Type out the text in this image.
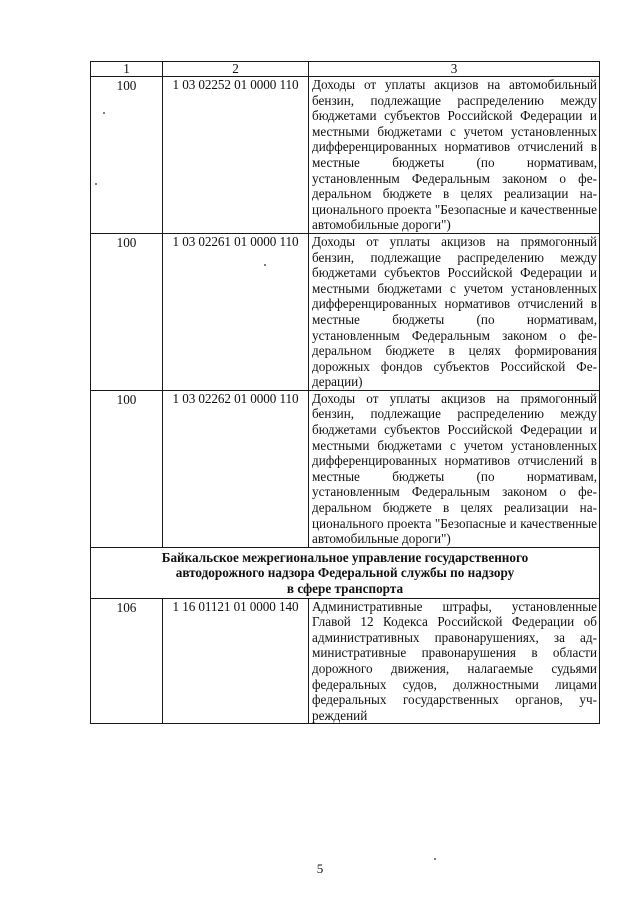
1	2	3
100	1 03 02252 01 0000 110	Доходы от уплаты акцизов на автомобильный бензин, подлежащие распределению между бюджетами субъектов Российской Федерации и местными бюджетами с учетом установленных дифференцированных нормативов отчислений в местные бюджеты (по нормативам, установленным Федеральным законом о федеральном бюджете в целях реализации национального проекта "Безопасные и качественные автомобильные дороги")
100	1 03 02261 01 0000 110	Доходы от уплаты акцизов на прямогонный бензин, подлежащие распределению между бюджетами субъектов Российской Федерации и местными бюджетами с учетом установленных дифференцированных нормативов отчислений в местные бюджеты (по нормативам, установленным Федеральным законом о федеральном бюджете в целях формирования дорожных фондов субъектов Российской Федерации)
100	1 03 02262 01 0000 110	Доходы от уплаты акцизов на прямогонный бензин, подлежащие распределению между бюджетами субъектов Российской Федерации и местными бюджетами с учетом установленных дифференцированных нормативов отчислений в местные бюджеты (по нормативам, установленным Федеральным законом о федеральном бюджете в целях реализации национального проекта "Безопасные и качественные автомобильные дороги")

Байкальское межрегиональное управление государственного
автодорожного надзора Федеральной службы по надзору
в сфере транспорта		

106	1 16 01121 01 0000 140	Административные штрафы, установленные Главой 12 Кодекса Российской Федерации об административных правонарушениях, за административные правонарушения в области дорожного движения, налагаемые судьями федеральных судов, должностными лицами федеральных государственных органов, учреждений
5
